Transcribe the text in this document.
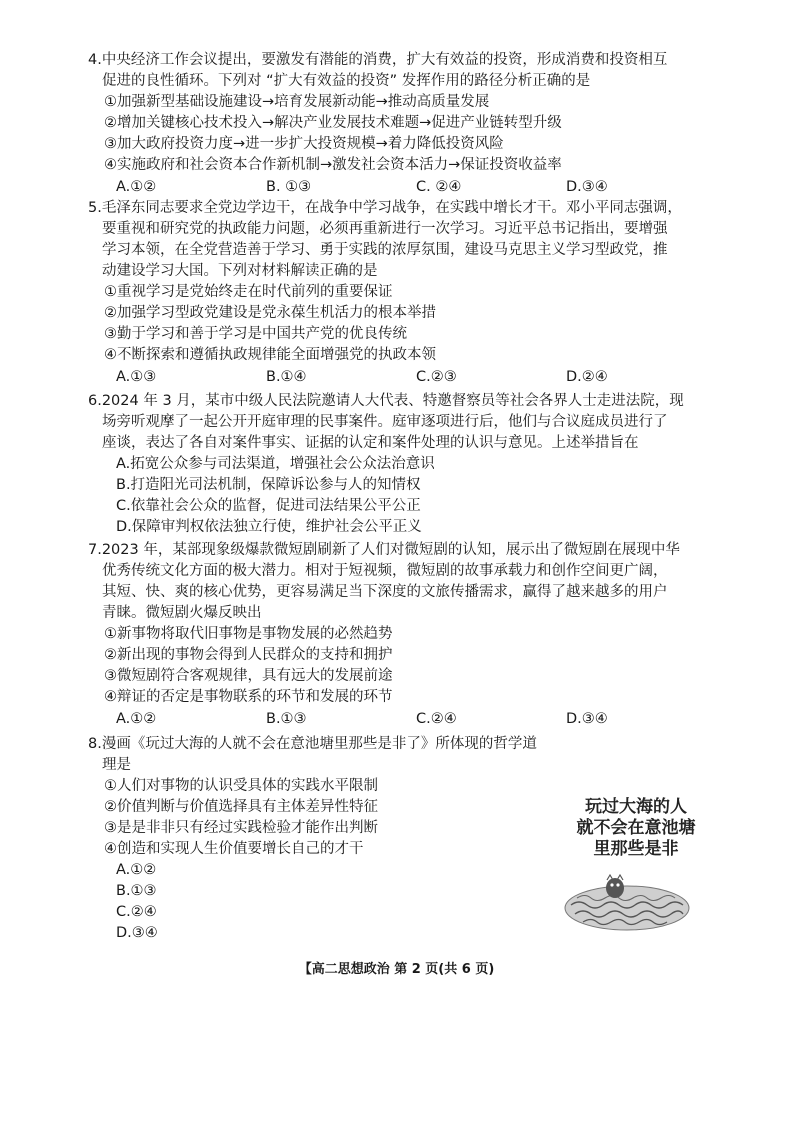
4.中央经济工作会议提出，要激发有潜能的消费，扩大有效益的投资，形成消费和投资相互
促进的良性循环。下列对 “扩大有效益的投资” 发挥作用的路径分析正确的是
①加强新型基础设施建设→培育发展新动能→推动高质量发展
②增加关键核心技术投入→解决产业发展技术难题→促进产业链转型升级
③加大政府投资力度→进一步扩大投资规模→着力降低投资风险
④实施政府和社会资本合作新机制→激发社会资本活力→保证投资收益率
A.①②	B. ①③	C. ②④	D.③④
5.毛泽东同志要求全党边学边干，在战争中学习战争，在实践中增长才干。邓小平同志强调，
要重视和研究党的执政能力问题，必须再重新进行一次学习。习近平总书记指出，要增强
学习本领，在全党营造善于学习、勇于实践的浓厚氛围，建设马克思主义学习型政党，推
动建设学习大国。下列对材料解读正确的是
①重视学习是党始终走在时代前列的重要保证
②加强学习型政党建设是党永葆生机活力的根本举措
③勤于学习和善于学习是中国共产党的优良传统
④不断探索和遵循执政规律能全面增强党的执政本领
A.①③	B.①④	C.②③	D.②④
6.2024 年 3 月，某市中级人民法院邀请人大代表、特邀督察员等社会各界人士走进法院，现
场旁听观摩了一起公开开庭审理的民事案件。庭审逐项进行后，他们与合议庭成员进行了
座谈，表达了各自对案件事实、证据的认定和案件处理的认识与意见。上述举措旨在
A.拓宽公众参与司法渠道，增强社会公众法治意识
B.打造阳光司法机制，保障诉讼参与人的知情权
C.依靠社会公众的监督，促进司法结果公平公正
D.保障审判权依法独立行使，维护社会公平正义
7.2023 年，某部现象级爆款微短剧刷新了人们对微短剧的认知，展示出了微短剧在展现中华
优秀传统文化方面的极大潜力。相对于短视频，微短剧的故事承载力和创作空间更广阔，
其短、快、爽的核心优势，更容易满足当下深度的文旅传播需求，赢得了越来越多的用户
青睐。微短剧火爆反映出
①新事物将取代旧事物是事物发展的必然趋势
②新出现的事物会得到人民群众的支持和拥护
③微短剧符合客观规律，具有远大的发展前途
④辩证的否定是事物联系的环节和发展的环节
A.①②	B.①③	C.②④	D.③④
8.漫画《玩过大海的人就不会在意池塘里那些是非了》所体现的哲学道
理是
①人们对事物的认识受具体的实践水平限制
②价值判断与价值选择具有主体差异性特征
③是是非非只有经过实践检验才能作出判断
④创造和实现人生价值要增长自己的才干
A.①②
B.①③
C.②④
D.③④
玩过大海的人
就不会在意池塘
里那些是非
【高二思想政治 第 2 页(共 6 页)
